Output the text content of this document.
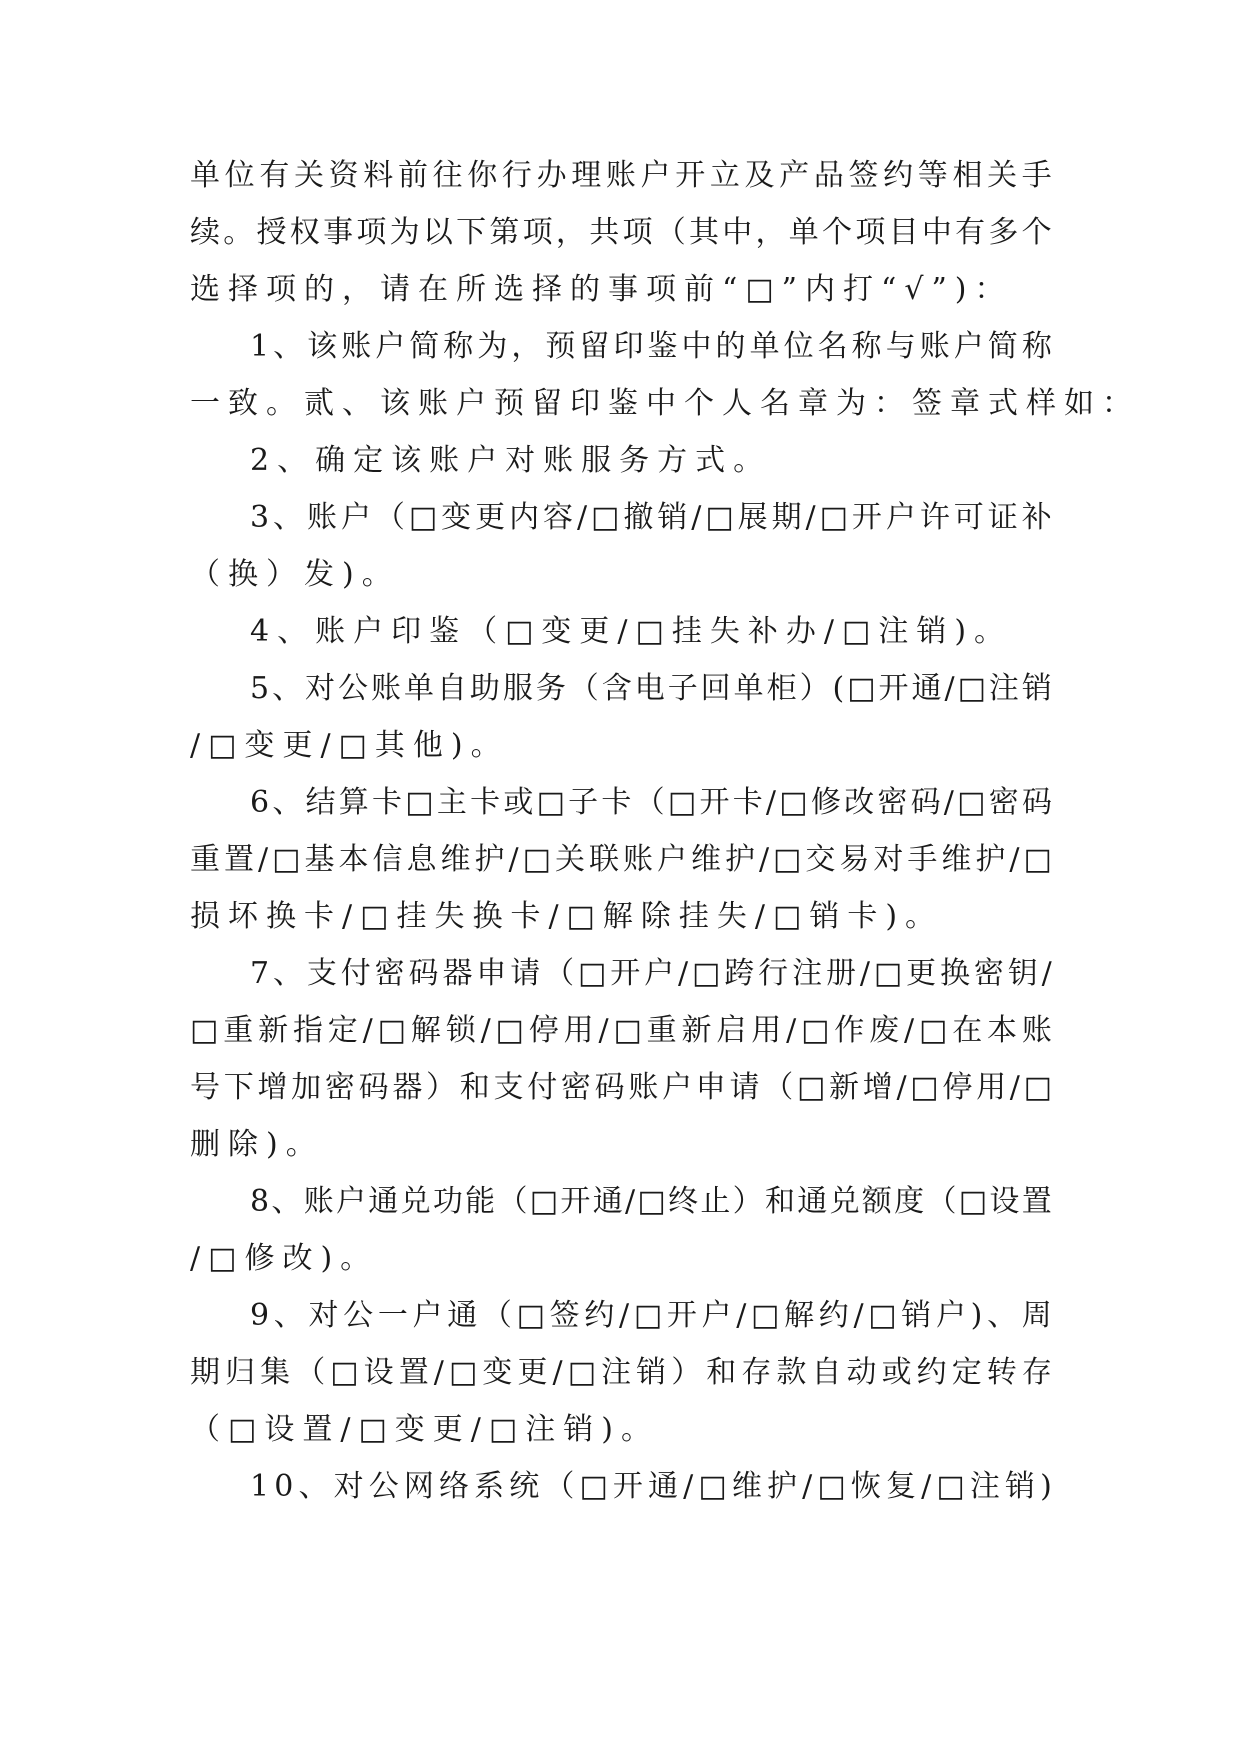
单 位 有 关 资 料 前 往 你 行 办 理 账 户 开 立 及 产 品 签 约 等 相 关 手
续 。 授 权 事 项 为 以 下 第 项 ， 共 项 （ 其 中 ， 单 个 项 目 中 有 多 个
选择项的，请在所选择的事项前“□”内打“√”)：
1 、 该 账 户 简 称 为 ， 预 留 印 鉴 中 的 单 位 名 称 与 账 户 简 称
一致。贰、该账户预留印鉴中个人名章为：签章式样如：
2、确定该账户对账服务方式。
3 、 账 户 （ □ 变 更 内 容 / □ 撤 销 / □ 展 期 / □ 开 户 许 可 证 补
（换）发)。
4、账户印鉴（□变更/□挂失补办/□注销)。
5 、 对 公 账 单 自 助 服 务 （ 含 电 子 回 单 柜 ） ( □ 开 通 / □ 注 销
/□变更/□其他)。
6 、 结 算 卡 □ 主 卡 或 □ 子 卡 （ □ 开 卡 / □ 修 改 密 码 / □ 密 码
重 置 / □ 基 本 信 息 维 护 / □ 关 联 账 户 维 护 / □ 交 易 对 手 维 护 / □
损坏换卡/□挂失换卡/□解除挂失/□销卡)。
7 、 支 付 密 码 器 申 请 （ □ 开 户 / □ 跨 行 注 册 / □ 更 换 密 钥 /
□ 重 新 指 定 / □ 解 锁 / □ 停 用 / □ 重 新 启 用 / □ 作 废 / □ 在 本 账
号 下 增 加 密 码 器 ） 和 支 付 密 码 账 户 申 请 （ □ 新 增 / □ 停 用 / □
删除)。
8 、 账 户 通 兑 功 能 （ □ 开 通 / □ 终 止 ） 和 通 兑 额 度 （ □ 设 置
/□修改)。
9 、 对 公 一 户 通 （ □ 签 约 / □ 开 户 / □ 解 约 / □ 销 户 ) 、 周
期 归 集 （ □ 设 置 / □ 变 更 / □ 注 销 ） 和 存 款 自 动 或 约 定 转 存
（□设置/□变更/□注销)。
1 0 、 对 公 网 络 系 统 （ □ 开 通 / □ 维 护 / □ 恢 复 / □ 注 销 )
